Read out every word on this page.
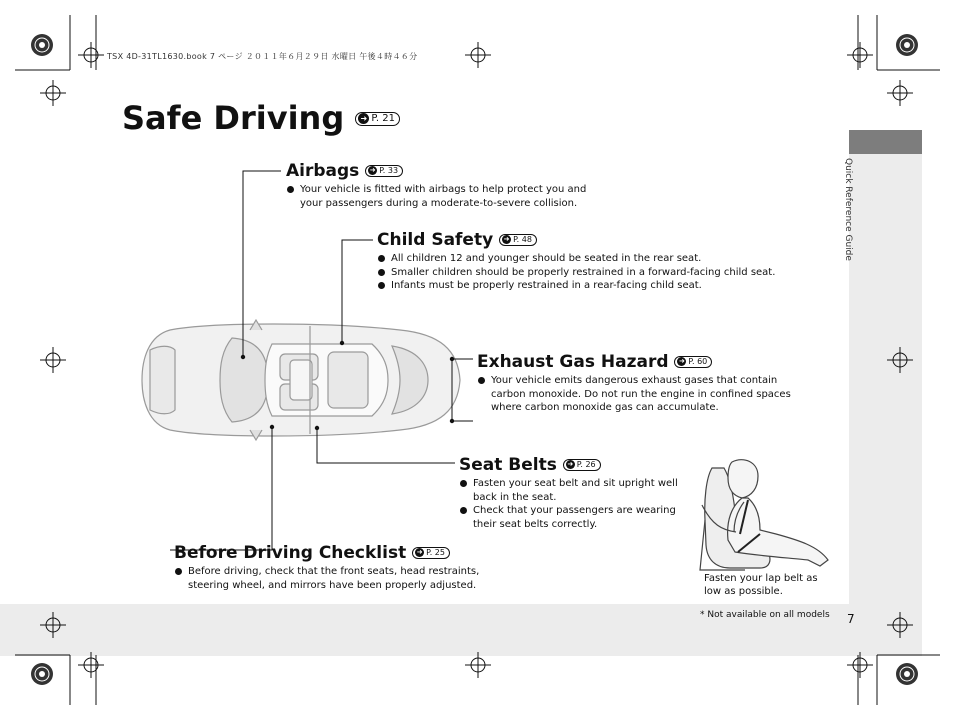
Quick Reference Guide
TSX 4D-31TL1630.book 7 ページ ２０１１年６月２９日 水曜日 午後４時４６分
Safe Driving ➜ P. 21
Airbags ➜ P. 33
Your vehicle is fitted with airbags to help protect you and your passengers during a moderate-to-severe collision.
Child Safety ➜ P. 48
All children 12 and younger should be seated in the rear seat.
Smaller children should be properly restrained in a forward-facing child seat.
Infants must be properly restrained in a rear-facing child seat.
Exhaust Gas Hazard ➜ P. 60
Your vehicle emits dangerous exhaust gases that contain carbon monoxide. Do not run the engine in confined spaces where carbon monoxide gas can accumulate.
Seat Belts ➜ P. 26
Fasten your seat belt and sit upright well back in the seat.
Check that your passengers are wearing their seat belts correctly.
Before Driving Checklist ➜ P. 25
Before driving, check that the front seats, head restraints, steering wheel, and mirrors have been properly adjusted.
Fasten your lap belt as low as possible.
* Not available on all models 7
